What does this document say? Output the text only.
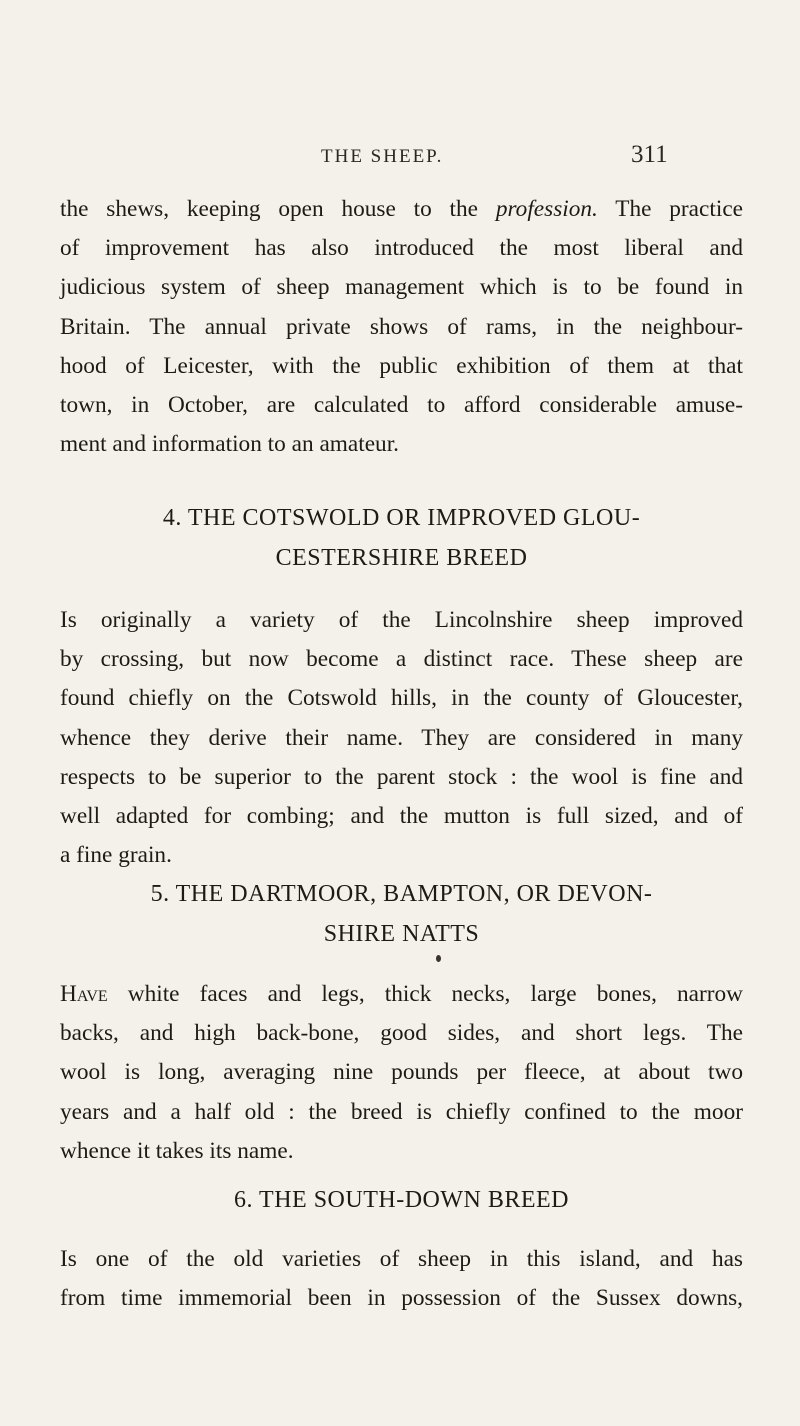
THE SHEEP.	311
the shews, keeping open house to the profession. The practice
of improvement has also introduced the most liberal and
judicious system of sheep management which is to be found in
Britain. The annual private shows of rams, in the neighbour-
hood of Leicester, with the public exhibition of them at that
town, in October, are calculated to afford considerable amuse-
ment and information to an amateur.
4. THE COTSWOLD OR IMPROVED GLOU-
CESTERSHIRE BREED
Is originally a variety of the Lincolnshire sheep improved
by crossing, but now become a distinct race. These sheep are
found chiefly on the Cotswold hills, in the county of Gloucester,
whence they derive their name. They are considered in many
respects to be superior to the parent stock : the wool is fine and
well adapted for combing; and the mutton is full sized, and of
a fine grain.
5. THE DARTMOOR, BAMPTON, OR DEVON-
SHIRE NATTS
Have white faces and legs, thick necks, large bones, narrow
backs, and high back-bone, good sides, and short legs. The
wool is long, averaging nine pounds per fleece, at about two
years and a half old : the breed is chiefly confined to the moor
whence it takes its name.
6. THE SOUTH-DOWN BREED
Is one of the old varieties of sheep in this island, and has
from time immemorial been in possession of the Sussex downs,
